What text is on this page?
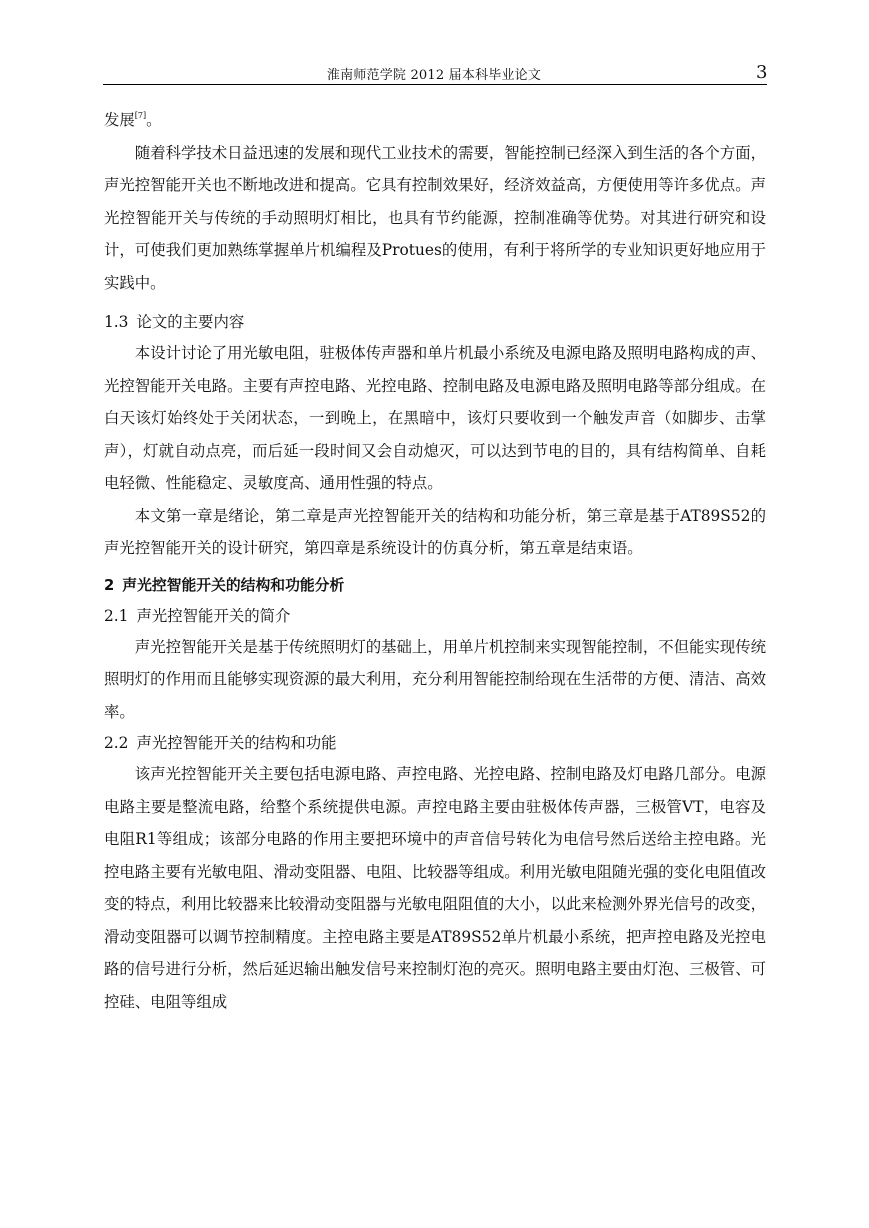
淮南师范学院 2012 届本科毕业论文	3

发展[7]。

随着科学技术日益迅速的发展和现代工业技术的需要，智能控制已经深入到生活的各个方面，声光控智能开关也不断地改进和提高。它具有控制效果好，经济效益高，方便使用等许多优点。声光控智能开关与传统的手动照明灯相比，也具有节约能源，控制准确等优势。对其进行研究和设计，可使我们更加熟练掌握单片机编程及Protues的使用，有利于将所学的专业知识更好地应用于实践中。

1.3 论文的主要内容

本设计讨论了用光敏电阻，驻极体传声器和单片机最小系统及电源电路及照明电路构成的声、光控智能开关电路。主要有声控电路、光控电路、控制电路及电源电路及照明电路等部分组成。在白天该灯始终处于关闭状态，一到晚上，在黑暗中，该灯只要收到一个触发声音（如脚步、击掌声），灯就自动点亮，而后延一段时间又会自动熄灭，可以达到节电的目的，具有结构简单、自耗电轻微、性能稳定、灵敏度高、通用性强的特点。

本文第一章是绪论，第二章是声光控智能开关的结构和功能分析，第三章是基于AT89S52的声光控智能开关的设计研究，第四章是系统设计的仿真分析，第五章是结束语。

2 声光控智能开关的结构和功能分析
2.1 声光控智能开关的简介

声光控智能开关是基于传统照明灯的基础上，用单片机控制来实现智能控制，不但能实现传统照明灯的作用而且能够实现资源的最大利用，充分利用智能控制给现在生活带的方便、清洁、高效率。

2.2 声光控智能开关的结构和功能

该声光控智能开关主要包括电源电路、声控电路、光控电路、控制电路及灯电路几部分。电源电路主要是整流电路，给整个系统提供电源。声控电路主要由驻极体传声器，三极管VT，电容及电阻R1等组成；该部分电路的作用主要把环境中的声音信号转化为电信号然后送给主控电路。光控电路主要有光敏电阻、滑动变阻器、电阻、比较器等组成。利用光敏电阻随光强的变化电阻值改变的特点，利用比较器来比较滑动变阻器与光敏电阻阻值的大小，以此来检测外界光信号的改变，滑动变阻器可以调节控制精度。主控电路主要是AT89S52单片机最小系统，把声控电路及光控电路的信号进行分析，然后延迟输出触发信号来控制灯泡的亮灭。照明电路主要由灯泡、三极管、可控硅、电阻等组成
